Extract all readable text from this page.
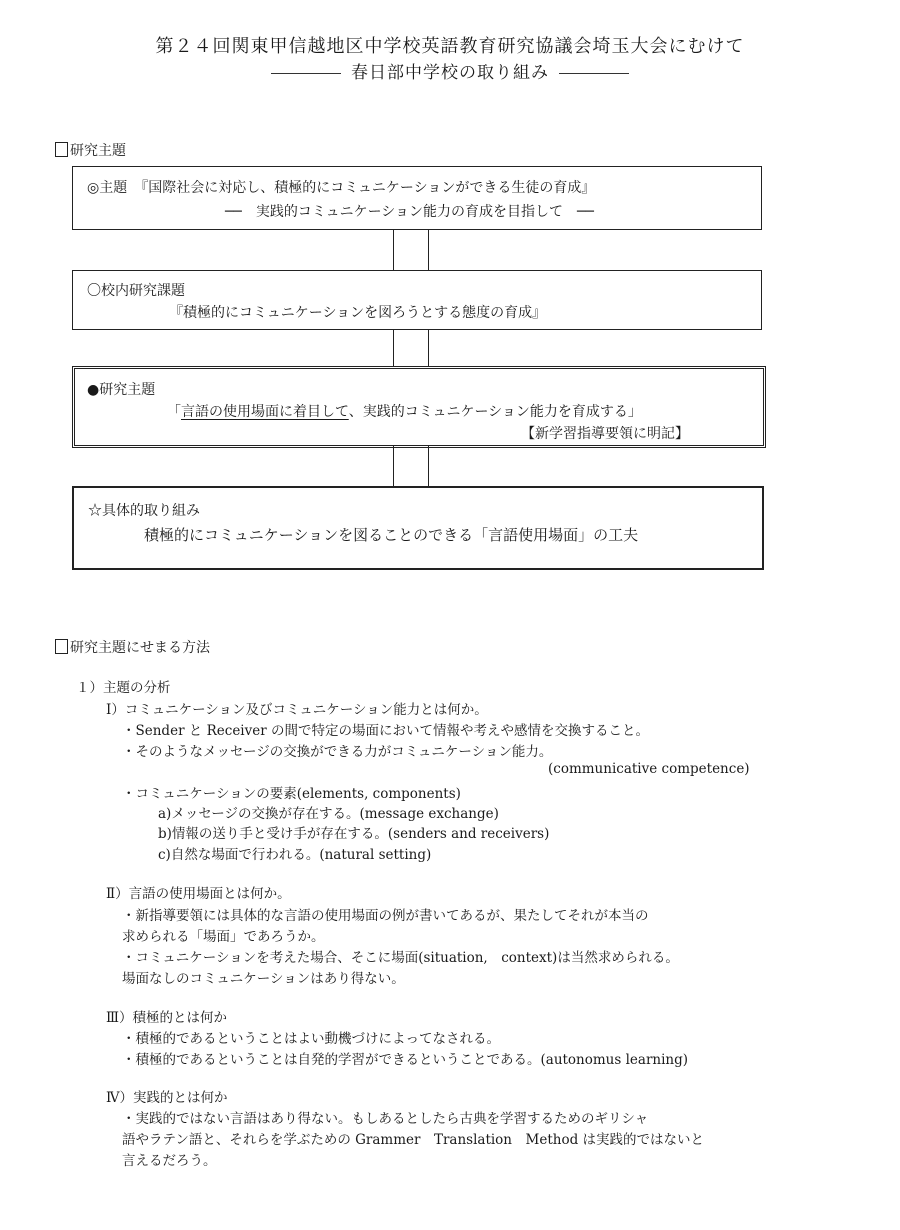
第２４回関東甲信越地区中学校英語教育研究協議会埼玉大会にむけて
春日部中学校の取り組み
研究主題
◎主題　『国際社会に対応し、積極的にコミュニケーションができる生徒の育成』
──　実践的コミュニケーション能力の育成を目指して　──
〇校内研究課題
『積極的にコミュニケーションを図ろうとする態度の育成』
●研究主題
「言語の使用場面に着目して、実践的コミュニケーション能力を育成する」
【新学習指導要領に明記】
☆具体的取り組み
積極的にコミュニケーションを図ることのできる「言語使用場面」の工夫
研究主題にせまる方法
１）主題の分析
Ⅰ）コミュニケーション及びコミュニケーション能力とは何か。
・Sender と Receiver の間で特定の場面において情報や考えや感情を交換すること。
・そのようなメッセージの交換ができる力がコミュニケーション能力。
(communicative competence)
・コミュニケーションの要素(elements, components)
a)メッセージの交換が存在する。(message exchange)
b)情報の送り手と受け手が存在する。(senders and receivers)
c)自然な場面で行われる。(natural setting)
Ⅱ）言語の使用場面とは何か。
・新指導要領には具体的な言語の使用場面の例が書いてあるが、果たしてそれが本当の
求められる「場面」であろうか。
・コミュニケーションを考えた場合、そこに場面(situation,　context)は当然求められる。
場面なしのコミュニケーションはあり得ない。
Ⅲ）積極的とは何か
・積極的であるということはよい動機づけによってなされる。
・積極的であるということは自発的学習ができるということである。(autonomus learning)
Ⅳ）実践的とは何か
・実践的ではない言語はあり得ない。もしあるとしたら古典を学習するためのギリシャ
語やラテン語と、それらを学ぶための Grammer　Translation　Method は実践的ではないと
言えるだろう。
